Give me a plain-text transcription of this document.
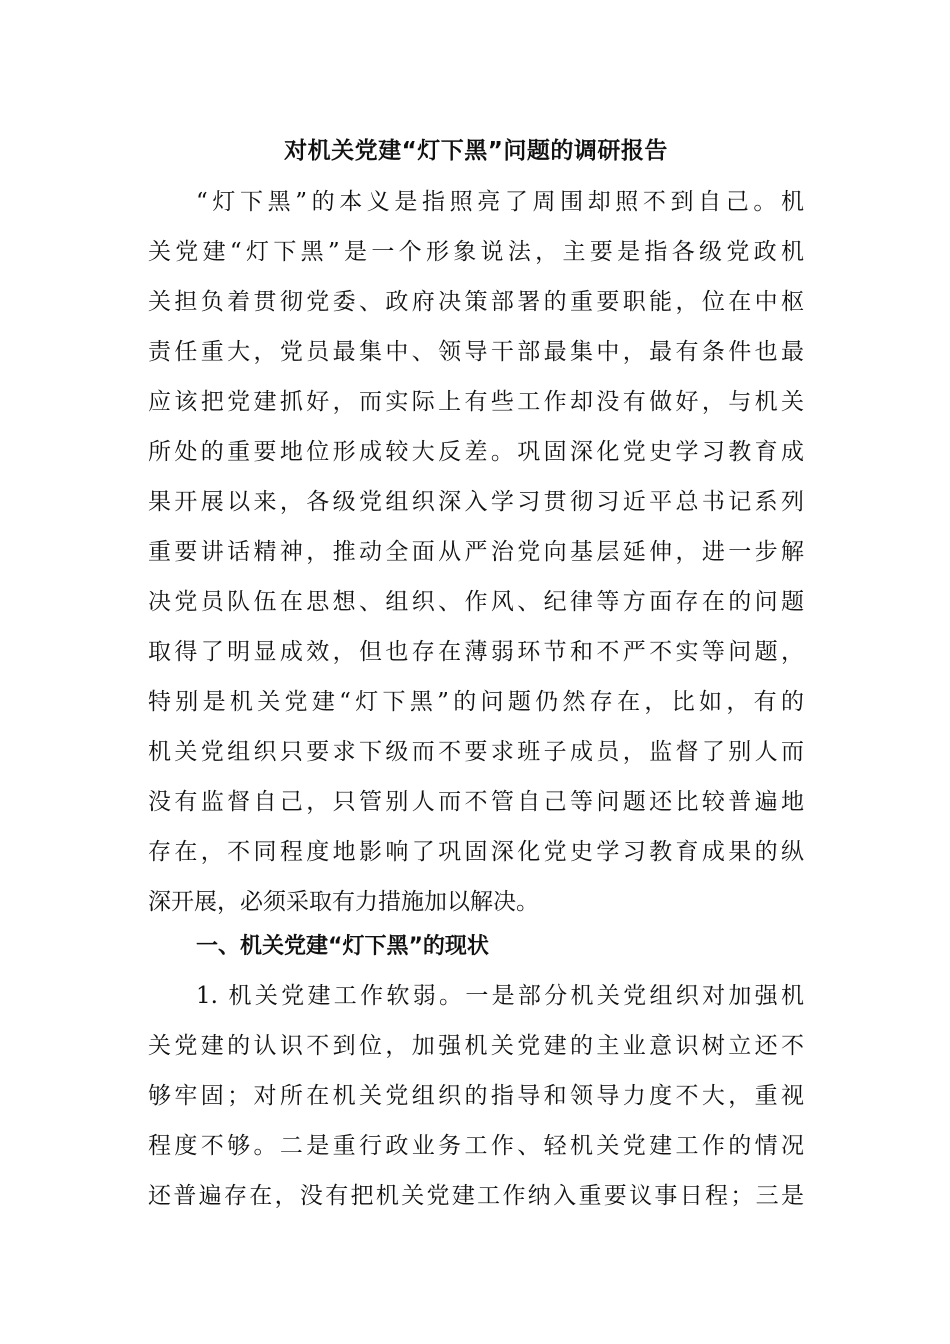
对机关党建“灯下黑”问题的调研报告
“灯下黑”的本义是指照亮了周围却照不到自己。机
关党建“灯下黑”是一个形象说法，主要是指各级党政机
关担负着贯彻党委、政府决策部署的重要职能，位在中枢
责任重大，党员最集中、领导干部最集中，最有条件也最
应该把党建抓好，而实际上有些工作却没有做好，与机关
所处的重要地位形成较大反差。巩固深化党史学习教育成
果开展以来，各级党组织深入学习贯彻习近平总书记系列
重要讲话精神，推动全面从严治党向基层延伸，进一步解
决党员队伍在思想、组织、作风、纪律等方面存在的问题
取得了明显成效，但也存在薄弱环节和不严不实等问题，
特别是机关党建“灯下黑”的问题仍然存在，比如，有的
机关党组织只要求下级而不要求班子成员，监督了别人而
没有监督自己，只管别人而不管自己等问题还比较普遍地
存在，不同程度地影响了巩固深化党史学习教育成果的纵
深开展，必须采取有力措施加以解决。
一、机关党建“灯下黑”的现状
1. 机关党建工作软弱。一是部分机关党组织对加强机
关党建的认识不到位，加强机关党建的主业意识树立还不
够牢固；对所在机关党组织的指导和领导力度不大，重视
程度不够。二是重行政业务工作、轻机关党建工作的情况
还普遍存在，没有把机关党建工作纳入重要议事日程；三是
